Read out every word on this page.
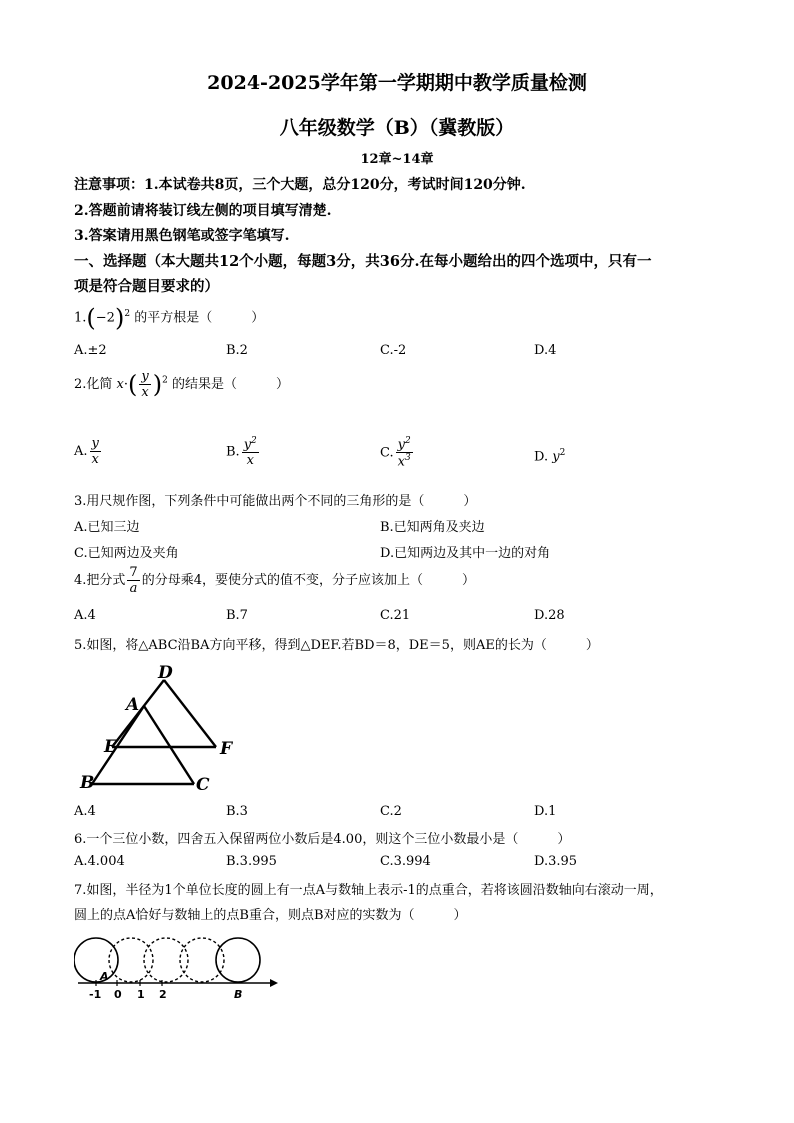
2024-2025学年第一学期期中教学质量检测
八年级数学（B）（冀教版）
12章~14章
注意事项：1.本试卷共8页，三个大题，总分120分，考试时间120分钟.
2.答题前请将装订线左侧的项目填写清楚.
3.答案请用黑色钢笔或签字笔填写.
一、选择题（本大题共12个小题，每题3分，共36分.在每小题给出的四个选项中，只有一
项是符合题目要求的）
$1.(-2)^2$ 的平方根是（　　　）
A.±2	B.2	C.-2	D.4
2.化简 $x\cdot( \frac{y}{x} )^2$ 的结果是（　　　）
A. $\frac{y}{x}$	B. $\frac{y^2}{x}$	C. $\frac{y^2}{x^3}$	D. $y^2$
3.用尺规作图，下列条件中可能做出两个不同的三角形的是（　　　）
A.已知三边	B.已知两角及夹边
C.已知两边及夹角	D.已知两边及其中一边的对角
4.把分式 $\frac{7}{a}$ 的分母乘4，要使分式的值不变，分子应该加上（　　　）
A.4	B.7	C.21	D.28
5.如图，将△ABC沿BA方向平移，得到△DEF.若BD＝8，DE＝5，则AE的长为（　　　）
D
A
E	F
B	C
A.4	B.3	C.2	D.1
6.一个三位小数，四舍五入保留两位小数后是4.00，则这个三位小数最小是（　　　）
A.4.004	B.3.995	C.3.994	D.3.95
7.如图，半径为1个单位长度的圆上有一点A与数轴上表示-1的点重合，若将该圆沿数轴向右滚动一周，
圆上的点A恰好与数轴上的点B重合，则点B对应的实数为（　　　）
A
-1 0 1 2	B
